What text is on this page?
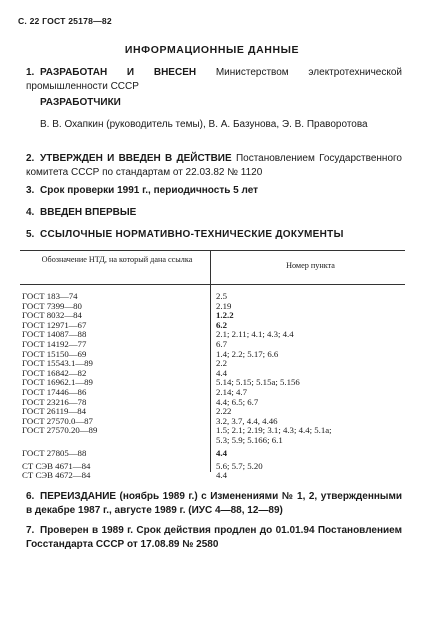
С. 22 ГОСТ 25178—82
ИНФОРМАЦИОННЫЕ ДАННЫЕ
1. РАЗРАБОТАН И ВНЕСЕН Министерством электротехнической промышленности СССР
РАЗРАБОТЧИКИ
В. В. Охапкин (руководитель темы), В. А. Базунова, Э. В. Праворотова
2. УТВЕРЖДЕН И ВВЕДЕН В ДЕЙСТВИЕ Постановлением Государственного комитета СССР по стандартам от 22.03.82 № 1120
3. Срок проверки 1991 г., периодичность 5 лет
4. ВВЕДЕН ВПЕРВЫЕ
5. ССЫЛОЧНЫЕ НОРМАТИВНО-ТЕХНИЧЕСКИЕ ДОКУМЕНТЫ
Обозначение НТД, на который дана ссылка
Номер пункта
ГОСТ 183—74	2.5
ГОСТ 7399—80	2.19
ГОСТ 8032—84	1.2.2
ГОСТ 12971—67	6.2
ГОСТ 14087—88	2.1; 2.11; 4.1; 4.3; 4.4
ГОСТ 14192—77	6.7
ГОСТ 15150—69	1.4; 2.2; 5.17; 6.6
ГОСТ 15543.1—89	2.2
ГОСТ 16842—82	4.4
ГОСТ 16962.1—89	5.14; 5.15; 5.15а; 5.156
ГОСТ 17446—86	2.14; 4.7
ГОСТ 23216—78	4.4; 6.5; 6.7
ГОСТ 26119—84	2.22
ГОСТ 27570.0—87	3.2, 3.7, 4.4, 4.46
ГОСТ 27570.20—89	1.5; 2.1; 2.19; 3.1; 4.3; 4.4; 5.1а;
5.3; 5.9; 5.166; 6.1
ГОСТ 27805—88	4.4
СТ СЭВ 4671—84	5.6; 5.7; 5.20
СТ СЭВ 4672—84	4.4
6. ПЕРЕИЗДАНИЕ (ноябрь 1989 г.) с Изменениями № 1, 2, утвержденными в декабре 1987 г., августе 1989 г. (ИУС 4—88, 12—89)
7. Проверен в 1989 г. Срок действия продлен до 01.01.94 Постановлением Госстандарта СССР от 17.08.89 № 2580
